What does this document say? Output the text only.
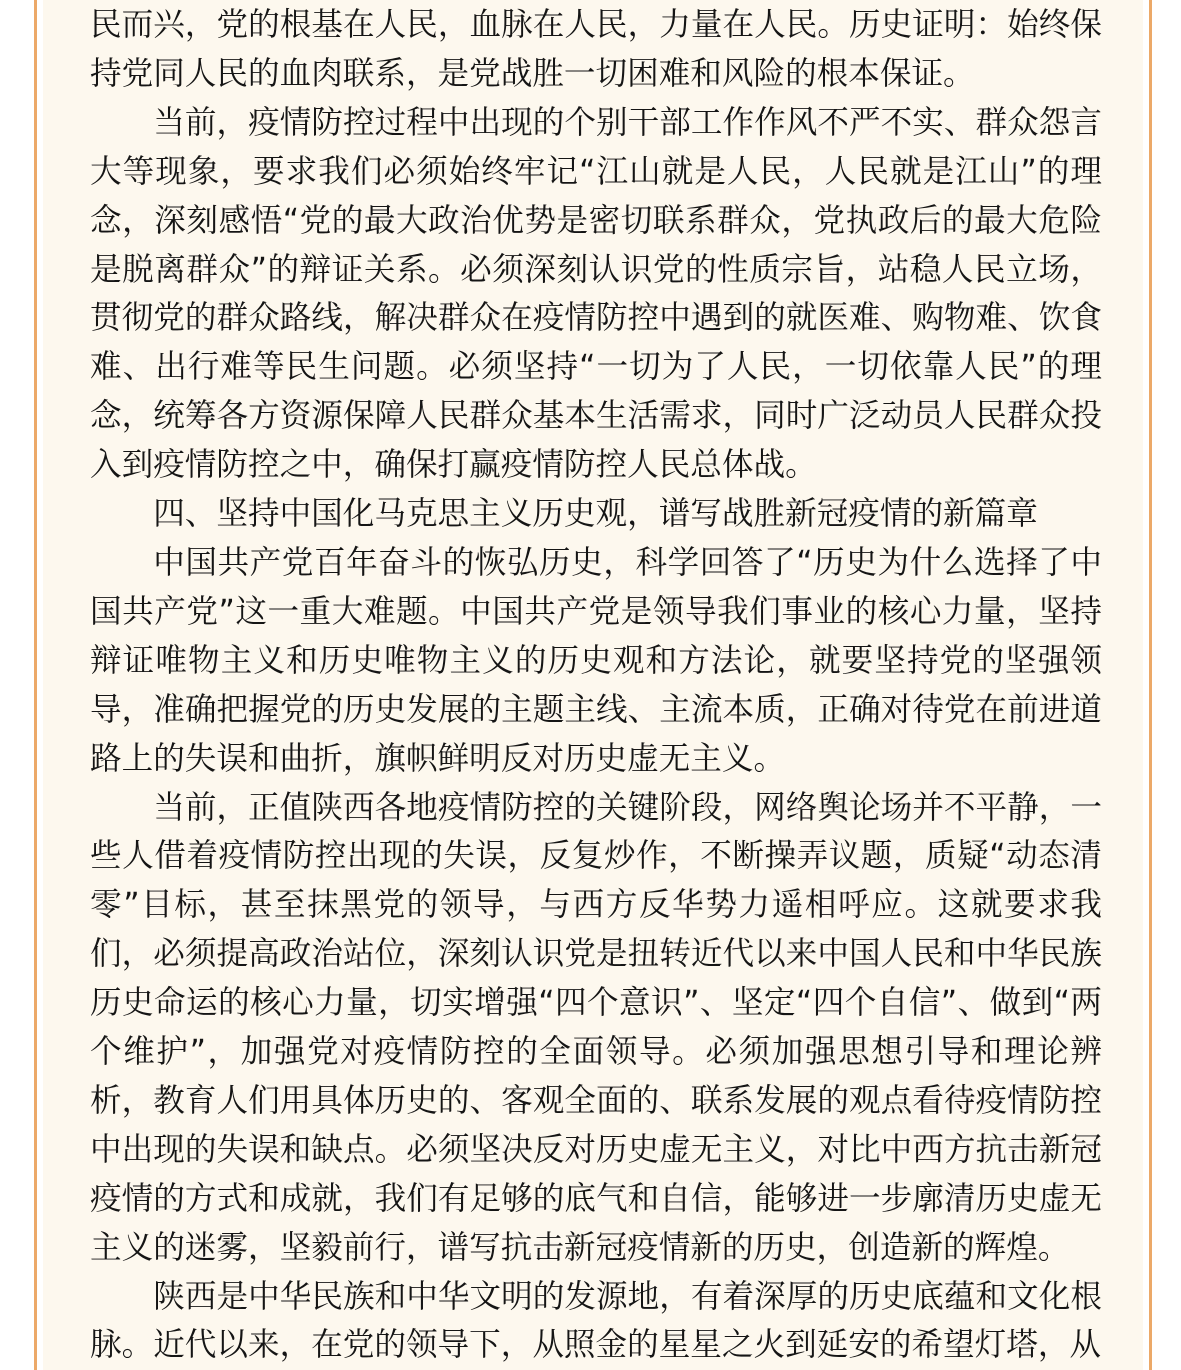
民而兴，党的根基在人民，血脉在人民，力量在人民。历史证明：始终保持党同人民的血肉联系，是党战胜一切困难和风险的根本保证。

当前，疫情防控过程中出现的个别干部工作作风不严不实、群众怨言大等现象，要求我们必须始终牢记“江山就是人民，人民就是江山”的理念，深刻感悟“党的最大政治优势是密切联系群众，党执政后的最大危险是脱离群众”的辩证关系。必须深刻认识党的性质宗旨，站稳人民立场，贯彻党的群众路线，解决群众在疫情防控中遇到的就医难、购物难、饮食难、出行难等民生问题。必须坚持“一切为了人民，一切依靠人民”的理念，统筹各方资源保障人民群众基本生活需求，同时广泛动员人民群众投入到疫情防控之中，确保打赢疫情防控人民总体战。

四、坚持中国化马克思主义历史观，谱写战胜新冠疫情的新篇章

中国共产党百年奋斗的恢弘历史，科学回答了“历史为什么选择了中国共产党”这一重大难题。中国共产党是领导我们事业的核心力量，坚持辩证唯物主义和历史唯物主义的历史观和方法论，就要坚持党的坚强领导，准确把握党的历史发展的主题主线、主流本质，正确对待党在前进道路上的失误和曲折，旗帜鲜明反对历史虚无主义。

当前，正值陕西各地疫情防控的关键阶段，网络舆论场并不平静，一些人借着疫情防控出现的失误，反复炒作，不断操弄议题，质疑“动态清零”目标，甚至抹黑党的领导，与西方反华势力遥相呼应。这就要求我们，必须提高政治站位，深刻认识党是扭转近代以来中国人民和中华民族历史命运的核心力量，切实增强“四个意识”、坚定“四个自信”、做到“两个维护”，加强党对疫情防控的全面领导。必须加强思想引导和理论辨析，教育人们用具体历史的、客观全面的、联系发展的观点看待疫情防控中出现的失误和缺点。必须坚决反对历史虚无主义，对比中西方抗击新冠疫情的方式和成就，我们有足够的底气和自信，能够进一步廓清历史虚无主义的迷雾，坚毅前行，谱写抗击新冠疫情新的历史，创造新的辉煌。

陕西是中华民族和中华文明的发源地，有着深厚的历史底蕴和文化根脉。近代以来，在党的领导下，从照金的星星之火到延安的希望灯塔，从
